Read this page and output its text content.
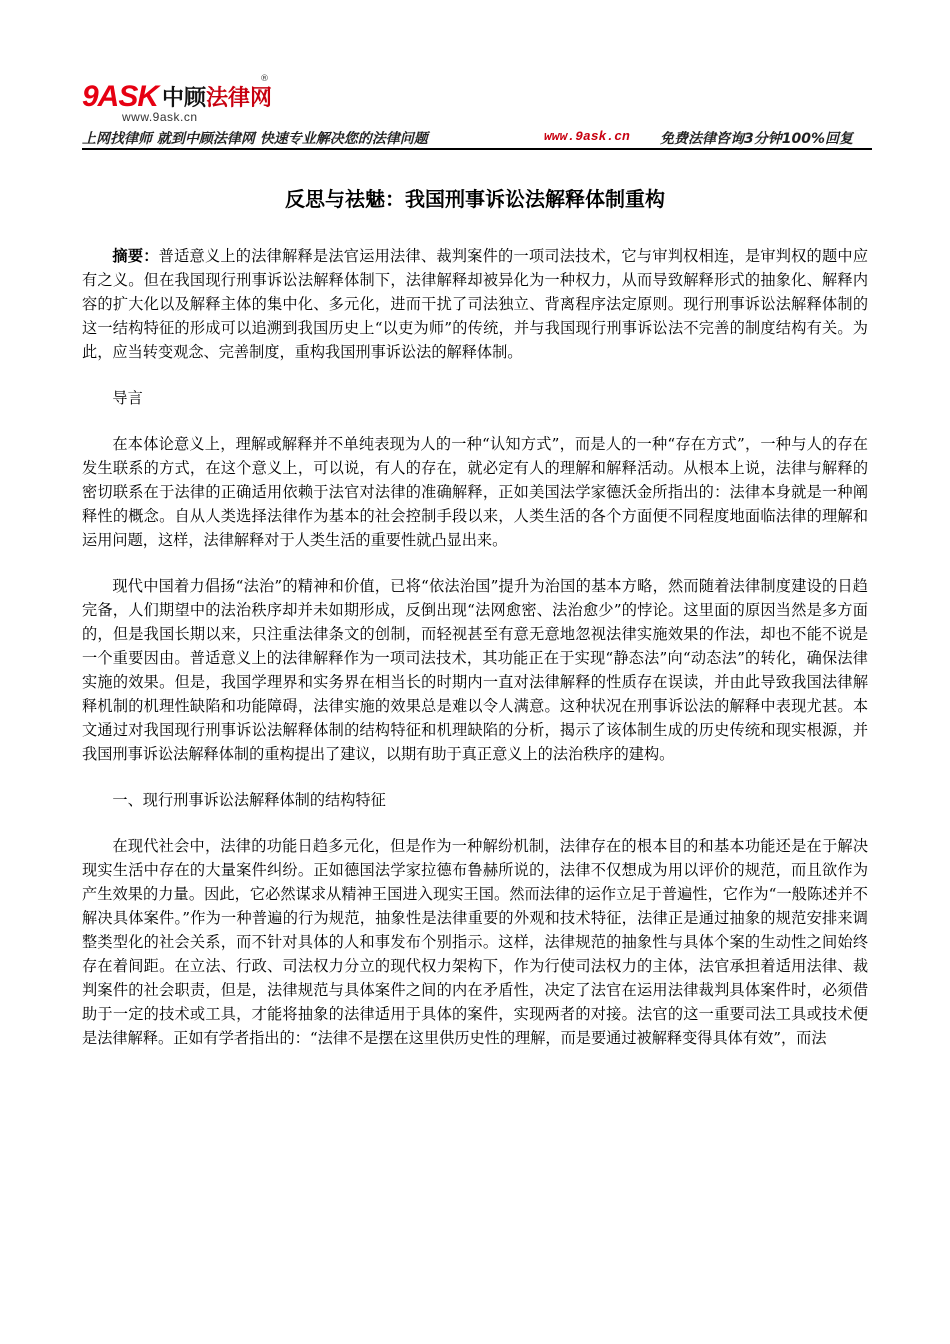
9ASK 中顾法律网
®
www.9ask.cn
上网找律师 就到中顾法律网 快速专业解决您的法律问题	www.9ask.cn 免费法律咨询3分钟100%回复
反思与祛魅：我国刑事诉讼法解释体制重构

摘要：普适意义上的法律解释是法官运用法律、裁判案件的一项司法技术，它与审判权相连，是审判权的题中应有之义。但在我国现行刑事诉讼法解释体制下，法律解释却被异化为一种权力，从而导致解释形式的抽象化、解释内容的扩大化以及解释主体的集中化、多元化，进而干扰了司法独立、背离程序法定原则。现行刑事诉讼法解释体制的这一结构特征的形成可以追溯到我国历史上“以吏为师”的传统，并与我国现行刑事诉讼法不完善的制度结构有关。为此，应当转变观念、完善制度，重构我国刑事诉讼法的解释体制。

导言

在本体论意义上，理解或解释并不单纯表现为人的一种“认知方式”，而是人的一种“存在方式”，一种与人的存在发生联系的方式，在这个意义上，可以说，有人的存在，就必定有人的理解和解释活动。从根本上说，法律与解释的密切联系在于法律的正确适用依赖于法官对法律的准确解释，正如美国法学家德沃金所指出的：法律本身就是一种阐释性的概念。自从人类选择法律作为基本的社会控制手段以来，人类生活的各个方面便不同程度地面临法律的理解和运用问题，这样，法律解释对于人类生活的重要性就凸显出来。

现代中国着力倡扬“法治”的精神和价值，已将“依法治国”提升为治国的基本方略，然而随着法律制度建设的日趋完备，人们期望中的法治秩序却并未如期形成，反倒出现“法网愈密、法治愈少”的悖论。这里面的原因当然是多方面的，但是我国长期以来，只注重法律条文的创制，而轻视甚至有意无意地忽视法律实施效果的作法，却也不能不说是一个重要因由。普适意义上的法律解释作为一项司法技术，其功能正在于实现“静态法”向“动态法”的转化，确保法律实施的效果。但是，我国学理界和实务界在相当长的时期内一直对法律解释的性质存在误读，并由此导致我国法律解释机制的机理性缺陷和功能障碍，法律实施的效果总是难以令人满意。这种状况在刑事诉讼法的解释中表现尤甚。本文通过对我国现行刑事诉讼法解释体制的结构特征和机理缺陷的分析，揭示了该体制生成的历史传统和现实根源，并我国刑事诉讼法解释体制的重构提出了建议，以期有助于真正意义上的法治秩序的建构。

一、现行刑事诉讼法解释体制的结构特征

在现代社会中，法律的功能日趋多元化，但是作为一种解纷机制，法律存在的根本目的和基本功能还是在于解决现实生活中存在的大量案件纠纷。正如德国法学家拉德布鲁赫所说的，法律不仅想成为用以评价的规范，而且欲作为产生效果的力量。因此，它必然谋求从精神王国进入现实王国。然而法律的运作立足于普遍性，它作为“一般陈述并不解决具体案件。”作为一种普遍的行为规范，抽象性是法律重要的外观和技术特征，法律正是通过抽象的规范安排来调整类型化的社会关系，而不针对具体的人和事发布个别指示。这样，法律规范的抽象性与具体个案的生动性之间始终存在着间距。在立法、行政、司法权力分立的现代权力架构下，作为行使司法权力的主体，法官承担着适用法律、裁判案件的社会职责，但是，法律规范与具体案件之间的内在矛盾性，决定了法官在运用法律裁判具体案件时，必须借助于一定的技术或工具，才能将抽象的法律适用于具体的案件，实现两者的对接。法官的这一重要司法工具或技术便是法律解释。正如有学者指出的：“法律不是摆在这里供历史性的理解，而是要通过被解释变得具体有效”，而法
